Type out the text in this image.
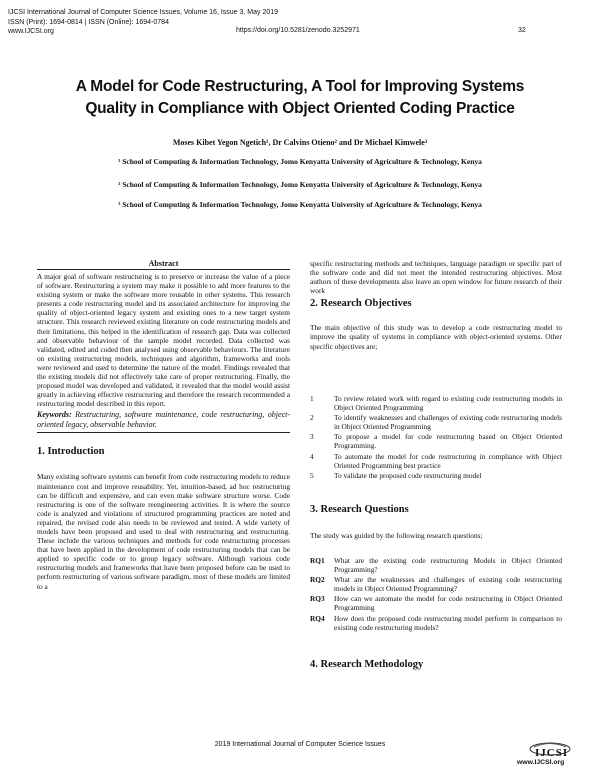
IJCSI International Journal of Computer Science Issues, Volume 16, Issue 3, May 2019
ISSN (Print): 1694-0814 | ISSN (Online): 1694-0784
www.IJCSI.org	https://doi.org/10.5281/zenodo.3252971	32
A Model for Code Restructuring, A Tool for Improving Systems
Quality in Compliance with Object Oriented Coding Practice
Moses Kibet Yegon Ngetich¹, Dr Calvins Otieno² and Dr Michael Kimwele³
¹ School of Computing & Information Technology, Jomo Kenyatta University of Agriculture & Technology, Kenya
² School of Computing & Information Technology, Jomo Kenyatta University of Agriculture & Technology, Kenya
³ School of Computing & Information Technology, Jomo Kenyatta University of Agriculture & Technology, Kenya
Abstract
A major goal of software restructuring is to preserve or increase the value of a piece of software. Restructuring a system may make it possible to add more features to the existing system or make the software more reusable in other systems. This research presents a code restructuring model and its associated architecture for improving the quality of object-oriented legacy system and existing ones to a new target system structure. This research reviewed existing literature on code restructuring models and their limitations, this helped in the identification of research gap. Data was collected and observable behaviour of the sample model recorded. Data collected was validated, edited and coded then analysed using observable behaviours. The literature on existing restructuring models, techniques and algorithm, frameworks and tools were reviewed and used to determine the nature of the model. Findings revealed that the existing models did not effectively take care of proper restructuring. Finally, the proposed model was developed and validated, it revealed that the model would assist greatly in achieving effective restructuring and therefore the research recommended a restructuring model described in this report.
Keywords: Restructuring, software maintenance, code restructuring, object-oriented legacy, observable behavior.
1. Introduction
Many existing software systems can benefit from code restructuring models to reduce maintenance cost and improve reusability. Yet, intuition-based, ad hoc restructuring can be difficult and expensive, and can even make software structure worse. Code restructuring is one of the software reengineering activities. It is where the source code is analyzed and violations of structured programming practices are noted and repaired, the revised code also needs to be reviewed and tested. A wide variety of models have been proposed and used to deal with restructuring and restructuring. These include the various techniques and methods for code restructuring processes that have been applied in the development of code restructuring models that can be applied to specific code or to group legacy software. Although various code restructuring models and frameworks that have been proposed before can be used to perform restructuring of various software paradigm, most of these models are limited to a
specific restructuring methods and techniques, language paradigm or specific part of the software code and did not meet the intended restructuring objectives. Most authors of these developments also leave an open window for future research of their work
2. Research Objectives
The main objective of this study was to develop a code restructuring model to improve the quality of systems in compliance with object-oriented systems. Other specific objectives are;
1	To review related work with regard to existing code restructuring models in Object Oriented Programming
2	To identify weaknesses and challenges of existing code restructuring models in Object Oriented Programming
3	To propose a model for code restructuring based on Object Oriented Programming.
4	To automate the model for code restructuring in compliance with Object Oriented Programming best practice
5	To validate the proposed code restructuring model
3. Research Questions
The study was guided by the following research questions;
RQ1	What are the existing code restructuring Models in Object Oriented Programming?
RQ2	What are the weaknesses and challenges of existing code restructuring models in Object Oriented Programming?
RQ3	How can we automate the model for code restructuring in Object Oriented Programming
RQ4	How does the proposed code restructuring model perform in comparison to existing code restructuring models?
4. Research Methodology
2019 International Journal of Computer Science Issues
IJCSI
www.IJCSI.org
